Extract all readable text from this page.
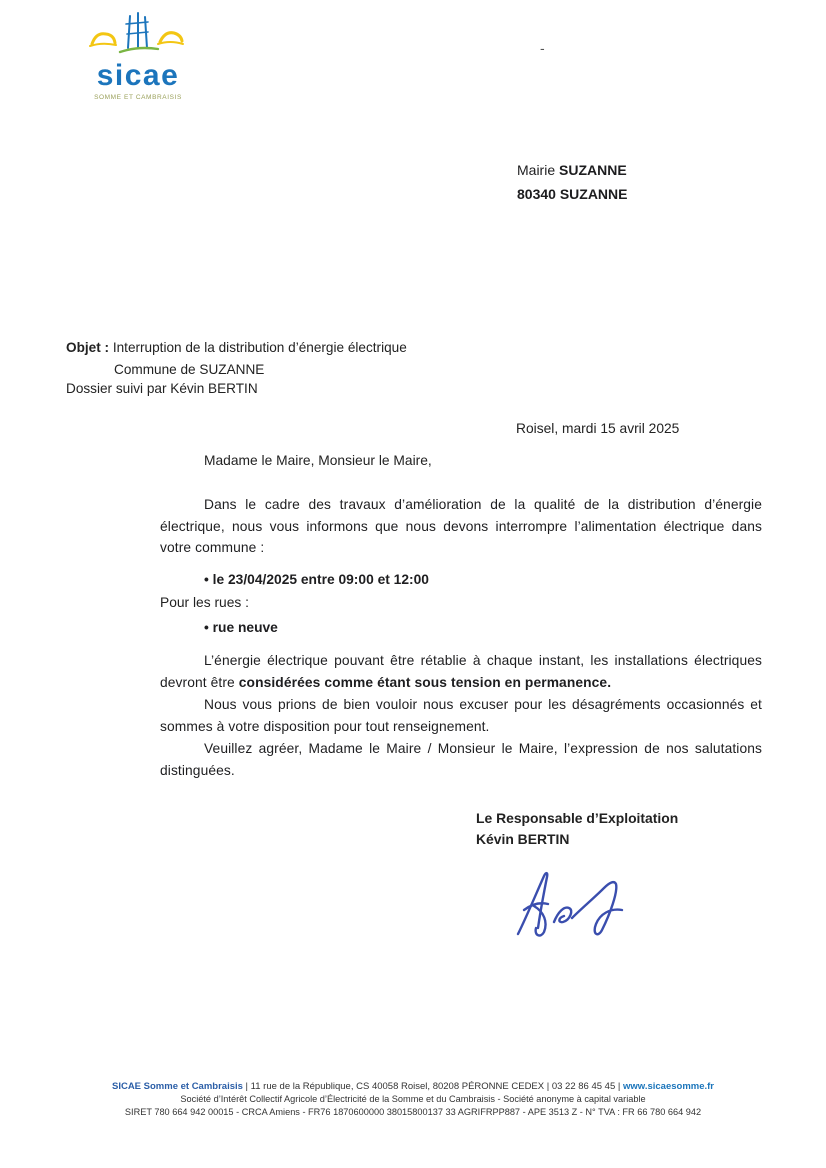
sicae
SOMME ET CAMBRAISIS
-
Mairie SUZANNE
80340 SUZANNE
Objet : Interruption de la distribution d’énergie électrique
Commune de SUZANNE
Dossier suivi par Kévin BERTIN
Roisel, mardi 15 avril 2025
Madame le Maire, Monsieur le Maire,

Dans le cadre des travaux d’amélioration de la qualité de la distribution d’énergie électrique, nous vous informons que nous devons interrompre l’alimentation électrique dans votre commune :

• le 23/04/2025 entre 09:00 et 12:00
Pour les rues :
• rue neuve

L’énergie électrique pouvant être rétablie à chaque instant, les installations électriques devront être considérées comme étant sous tension en permanence.

Nous vous prions de bien vouloir nous excuser pour les désagréments occasionnés et sommes à votre disposition pour tout renseignement.

Veuillez agréer, Madame le Maire / Monsieur le Maire, l’expression de nos salutations distinguées.

Le Responsable d’Exploitation
Kévin BERTIN
SICAE Somme et Cambraisis | 11 rue de la République, CS 40058 Roisel, 80208 PÉRONNE CEDEX | 03 22 86 45 45 | www.sicaesomme.fr
Société d’Intérêt Collectif Agricole d’Électricité de la Somme et du Cambraisis - Société anonyme à capital variable
SIRET 780 664 942 00015 - CRCA Amiens - FR76 1870600000 38015800137 33 AGRIFRPP887 - APE 3513 Z - N° TVA : FR 66 780 664 942
